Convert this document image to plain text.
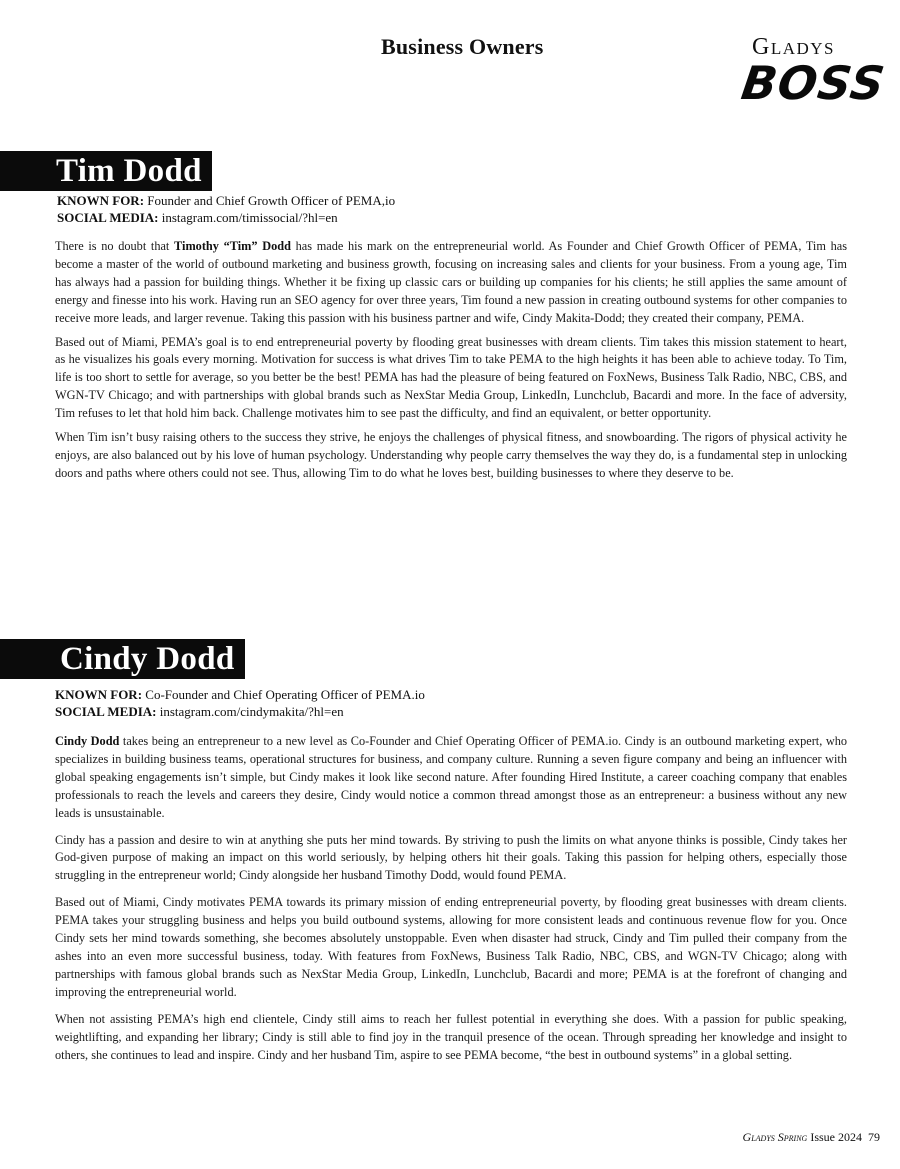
Business Owners	GLADYS
BOSS
Tim Dodd
KNOWN FOR: Founder and Chief Growth Officer of PEMA,io
SOCIAL MEDIA: instagram.com/timissocial/?hl=en

There is no doubt that Timothy “Tim” Dodd has made his mark on the entrepreneurial world. As Founder and Chief Growth Officer of PEMA, Tim has become a master of the world of outbound marketing and business growth, focusing on increasing sales and clients for your business. From a young age, Tim has always had a passion for building things. Whether it be fixing up classic cars or building up companies for his clients; he still applies the same amount of energy and finesse into his work. Having run an SEO agency for over three years, Tim found a new passion in creating outbound systems for other companies to receive more leads, and larger revenue. Taking this passion with his business partner and wife, Cindy Makita-Dodd; they created their company, PEMA.

Based out of Miami, PEMA’s goal is to end entrepreneurial poverty by flooding great businesses with dream clients. Tim takes this mission statement to heart, as he visualizes his goals every morning. Motivation for success is what drives Tim to take PEMA to the high heights it has been able to achieve today. To Tim, life is too short to settle for average, so you better be the best! PEMA has had the pleasure of being featured on FoxNews, Business Talk Radio, NBC, CBS, and WGN-TV Chicago; and with partnerships with global brands such as NexStar Media Group, LinkedIn, Lunchclub, Bacardi and more. In the face of adversity, Tim refuses to let that hold him back. Challenge motivates him to see past the difficulty, and find an equivalent, or better opportunity.

When Tim isn’t busy raising others to the success they strive, he enjoys the challenges of physical fitness, and snowboarding. The rigors of physical activity he enjoys, are also balanced out by his love of human psychology. Understanding why people carry themselves the way they do, is a fundamental step in unlocking doors and paths where others could not see. Thus, allowing Tim to do what he loves best, building businesses to where they deserve to be.

Cindy Dodd
KNOWN FOR: Co-Founder and Chief Operating Officer of PEMA.io
SOCIAL MEDIA: instagram.com/cindymakita/?hl=en

Cindy Dodd takes being an entrepreneur to a new level as Co-Founder and Chief Operating Officer of PEMA.io. Cindy is an outbound marketing expert, who specializes in building business teams, operational structures for business, and company culture. Running a seven figure company and being an influencer with global speaking engagements isn’t simple, but Cindy makes it look like second nature. After founding Hired Institute, a career coaching company that enables professionals to reach the levels and careers they desire, Cindy would notice a common thread amongst those as an entrepreneur: a business without any new leads is unsustainable.

Cindy has a passion and desire to win at anything she puts her mind towards. By striving to push the limits on what anyone thinks is possible, Cindy takes her God-given purpose of making an impact on this world seriously, by helping others hit their goals. Taking this passion for helping others, especially those struggling in the entrepreneur world; Cindy alongside her husband Timothy Dodd, would found PEMA.

Based out of Miami, Cindy motivates PEMA towards its primary mission of ending entrepreneurial poverty, by flooding great businesses with dream clients. PEMA takes your struggling business and helps you build outbound systems, allowing for more consistent leads and continuous revenue flow for you. Once Cindy sets her mind towards something, she becomes absolutely unstoppable. Even when disaster had struck, Cindy and Tim pulled their company from the ashes into an even more successful business, today. With features from FoxNews, Business Talk Radio, NBC, CBS, and WGN-TV Chicago; along with partnerships with famous global brands such as NexStar Media Group, LinkedIn, Lunchclub, Bacardi and more; PEMA is at the forefront of changing and improving the entrepreneurial world.

When not assisting PEMA’s high end clientele, Cindy still aims to reach her fullest potential in everything she does. With a passion for public speaking, weightlifting, and expanding her library; Cindy is still able to find joy in the tranquil presence of the ocean. Through spreading her knowledge and insight to others, she continues to lead and inspire. Cindy and her husband Tim, aspire to see PEMA become, “the best in outbound systems” in a global setting.

Gladys Spring Issue 2024 79
